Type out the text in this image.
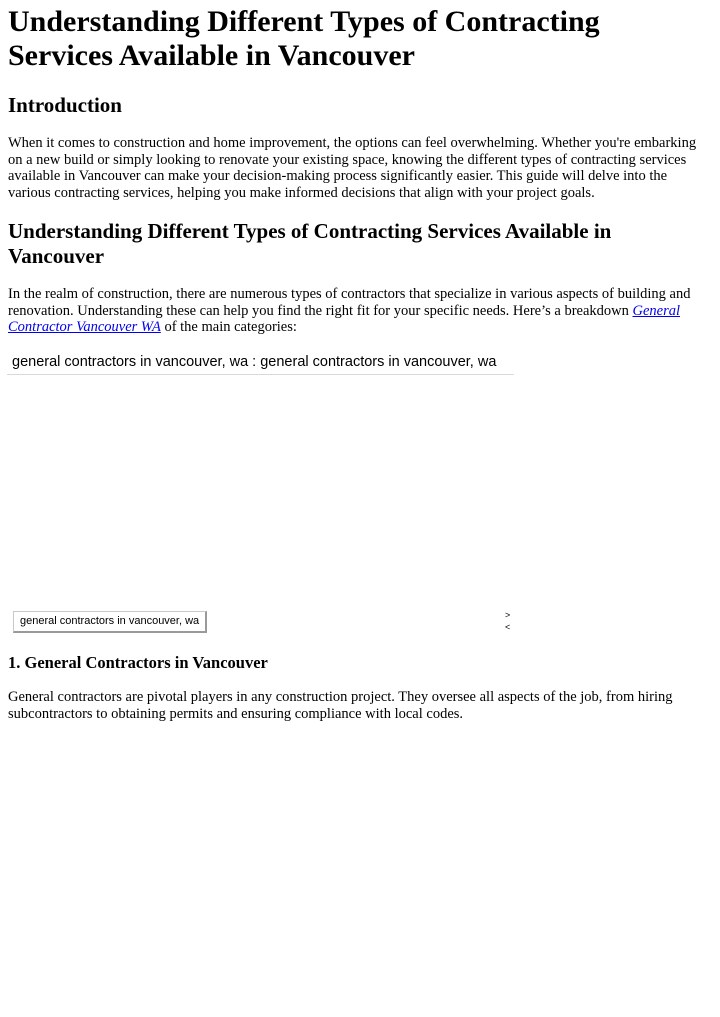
Understanding Different Types of Contracting Services Available in Vancouver
Introduction

When it comes to construction and home improvement, the options can feel overwhelming. Whether you're embarking on a new build or simply looking to renovate your existing space, knowing the different types of contracting services available in Vancouver can make your decision-making process significantly easier. This guide will delve into the various contracting services, helping you make informed decisions that align with your project goals.

Understanding Different Types of Contracting Services Available in Vancouver

In the realm of construction, there are numerous types of contractors that specialize in various aspects of building and renovation. Understanding these can help you find the right fit for your specific needs. Here’s a breakdown General Contractor Vancouver WA of the main categories:

general contractors in vancouver, wa : general contractors in vancouver, wa
general contractors in vancouver, wa	>
<
1. General Contractors in Vancouver

General contractors are pivotal players in any construction project. They oversee all aspects of the job, from hiring subcontractors to obtaining permits and ensuring compliance with local codes.
